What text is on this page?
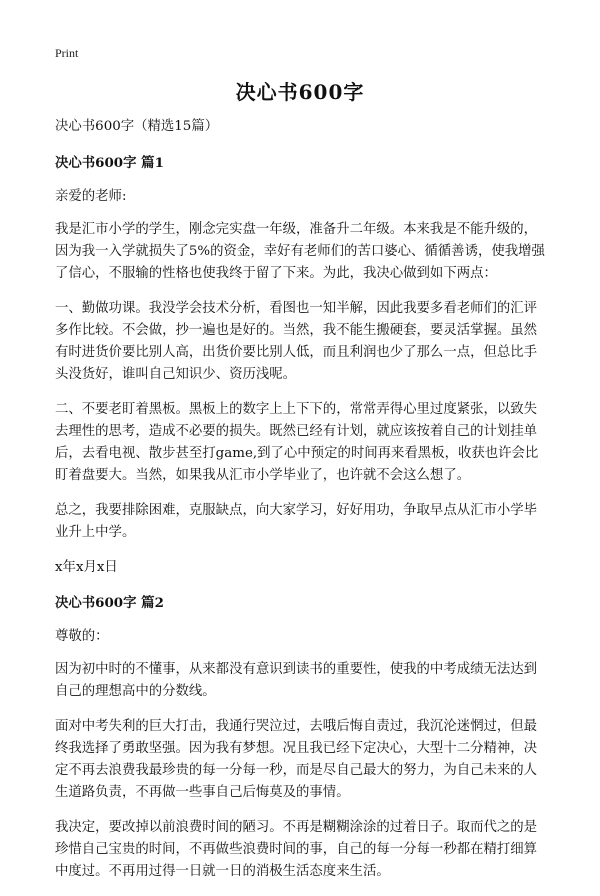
Print
决心书600字

决心书600字（精选15篇）

决心书600字 篇1

亲爱的老师:

我是汇市小学的学生，刚念完实盘一年级，准备升二年级。本来我是不能升级的，因为我一入学就损失了5%的资金，幸好有老师们的苦口婆心、循循善诱，使我增强了信心，不服输的性格也使我终于留了下来。为此，我决心做到如下两点：

一、勤做功课。我没学会技术分析，看图也一知半解，因此我要多看老师们的汇评多作比较。不会做，抄一遍也是好的。当然，我不能生搬硬套，要灵活掌握。虽然有时进货价要比别人高，出货价要比别人低，而且利润也少了那么一点，但总比手头没货好，谁叫自己知识少、资历浅呢。

二、不要老盯着黑板。黑板上的数字上上下下的，常常弄得心里过度紧张，以致失去理性的思考，造成不必要的损失。既然已经有计划，就应该按着自己的计划挂单后，去看电视、散步甚至打game,到了心中预定的时间再来看黑板，收获也许会比盯着盘要大。当然，如果我从汇市小学毕业了，也许就不会这么想了。

总之，我要排除困难，克服缺点，向大家学习，好好用功，争取早点从汇市小学毕业升上中学。

x年x月x日

决心书600字 篇2

尊敬的：

因为初中时的不懂事，从来都没有意识到读书的重要性，使我的中考成绩无法达到自己的理想高中的分数线。

面对中考失利的巨大打击，我通行哭泣过，去哦后悔自责过，我沉沦迷惘过，但最终我选择了勇敢坚强。因为我有梦想。况且我已经下定决心，大型十二分精神，决定不再去浪费我最珍贵的每一分每一秒，而是尽自己最大的努力，为自己未来的人生道路负责，不再做一些事自己后悔莫及的事情。

我决定，要改掉以前浪费时间的陋习。不再是糊糊涂涂的过着日子。取而代之的是珍惜自己宝贵的时间，不再做些浪费时间的事，自己的每一分每一秒都在精打细算中度过。不再用过得一日就一日的消极生活态度来生活。
